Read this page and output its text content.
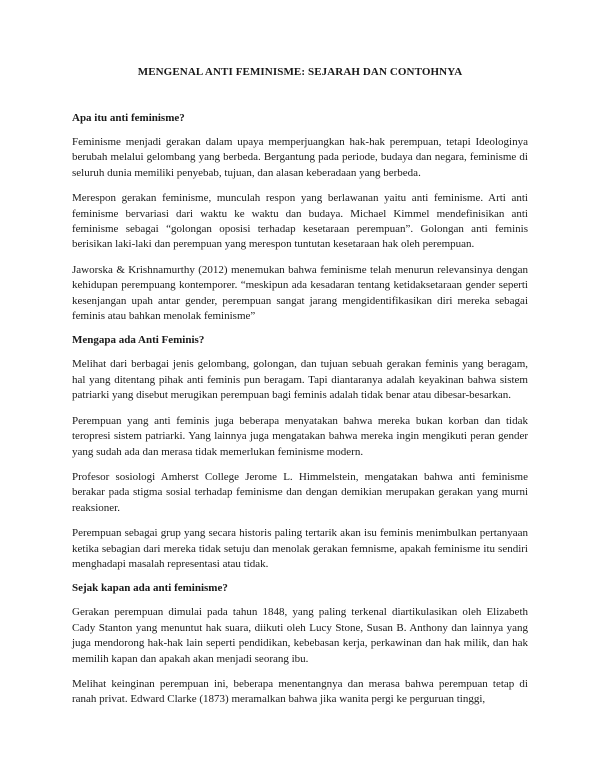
MENGENAL ANTI FEMINISME: SEJARAH DAN CONTOHNYA
Apa itu anti feminisme?

Feminisme menjadi gerakan dalam upaya memperjuangkan hak-hak perempuan, tetapi Ideologinya berubah melalui gelombang yang berbeda. Bergantung pada periode, budaya dan negara, feminisme di seluruh dunia memiliki penyebab, tujuan, dan alasan keberadaan yang berbeda.

Merespon gerakan feminisme, munculah respon yang berlawanan yaitu anti feminisme. Arti anti feminisme bervariasi dari waktu ke waktu dan budaya. Michael Kimmel mendefinisikan anti feminisme sebagai “golongan oposisi terhadap kesetaraan perempuan”. Golongan anti feminis berisikan laki-laki dan perempuan yang merespon tuntutan kesetaraan hak oleh perempuan.

Jaworska & Krishnamurthy (2012) menemukan bahwa feminisme telah menurun relevansinya dengan kehidupan perempuang kontemporer. “meskipun ada kesadaran tentang ketidaksetaraan gender seperti kesenjangan upah antar gender, perempuan sangat jarang mengidentifikasikan diri mereka sebagai feminis atau bahkan menolak feminisme”

Mengapa ada Anti Feminis?

Melihat dari berbagai jenis gelombang, golongan, dan tujuan sebuah gerakan feminis yang beragam, hal yang ditentang pihak anti feminis pun beragam. Tapi diantaranya adalah keyakinan bahwa sistem patriarki yang disebut merugikan perempuan bagi feminis adalah tidak benar atau dibesar-besarkan.

Perempuan yang anti feminis juga beberapa menyatakan bahwa mereka bukan korban dan tidak teropresi sistem patriarki. Yang lainnya juga mengatakan bahwa mereka ingin mengikuti peran gender yang sudah ada dan merasa tidak memerlukan feminisme modern.

Profesor sosiologi Amherst College Jerome L. Himmelstein, mengatakan bahwa anti feminisme berakar pada stigma sosial terhadap feminisme dan dengan demikian merupakan gerakan yang murni reaksioner.

Perempuan sebagai grup yang secara historis paling tertarik akan isu feminis menimbulkan pertanyaan ketika sebagian dari mereka tidak setuju dan menolak gerakan femnisme, apakah feminisme itu sendiri menghadapi masalah representasi atau tidak.

Sejak kapan ada anti feminisme?

Gerakan perempuan dimulai pada tahun 1848, yang paling terkenal diartikulasikan oleh Elizabeth Cady Stanton yang menuntut hak suara, diikuti oleh Lucy Stone, Susan B. Anthony dan lainnya yang juga mendorong hak-hak lain seperti pendidikan, kebebasan kerja, perkawinan dan hak milik, dan hak memilih kapan dan apakah akan menjadi seorang ibu.

Melihat keinginan perempuan ini, beberapa menentangnya dan merasa bahwa perempuan tetap di ranah privat. Edward Clarke (1873) meramalkan bahwa jika wanita pergi ke perguruan tinggi,
